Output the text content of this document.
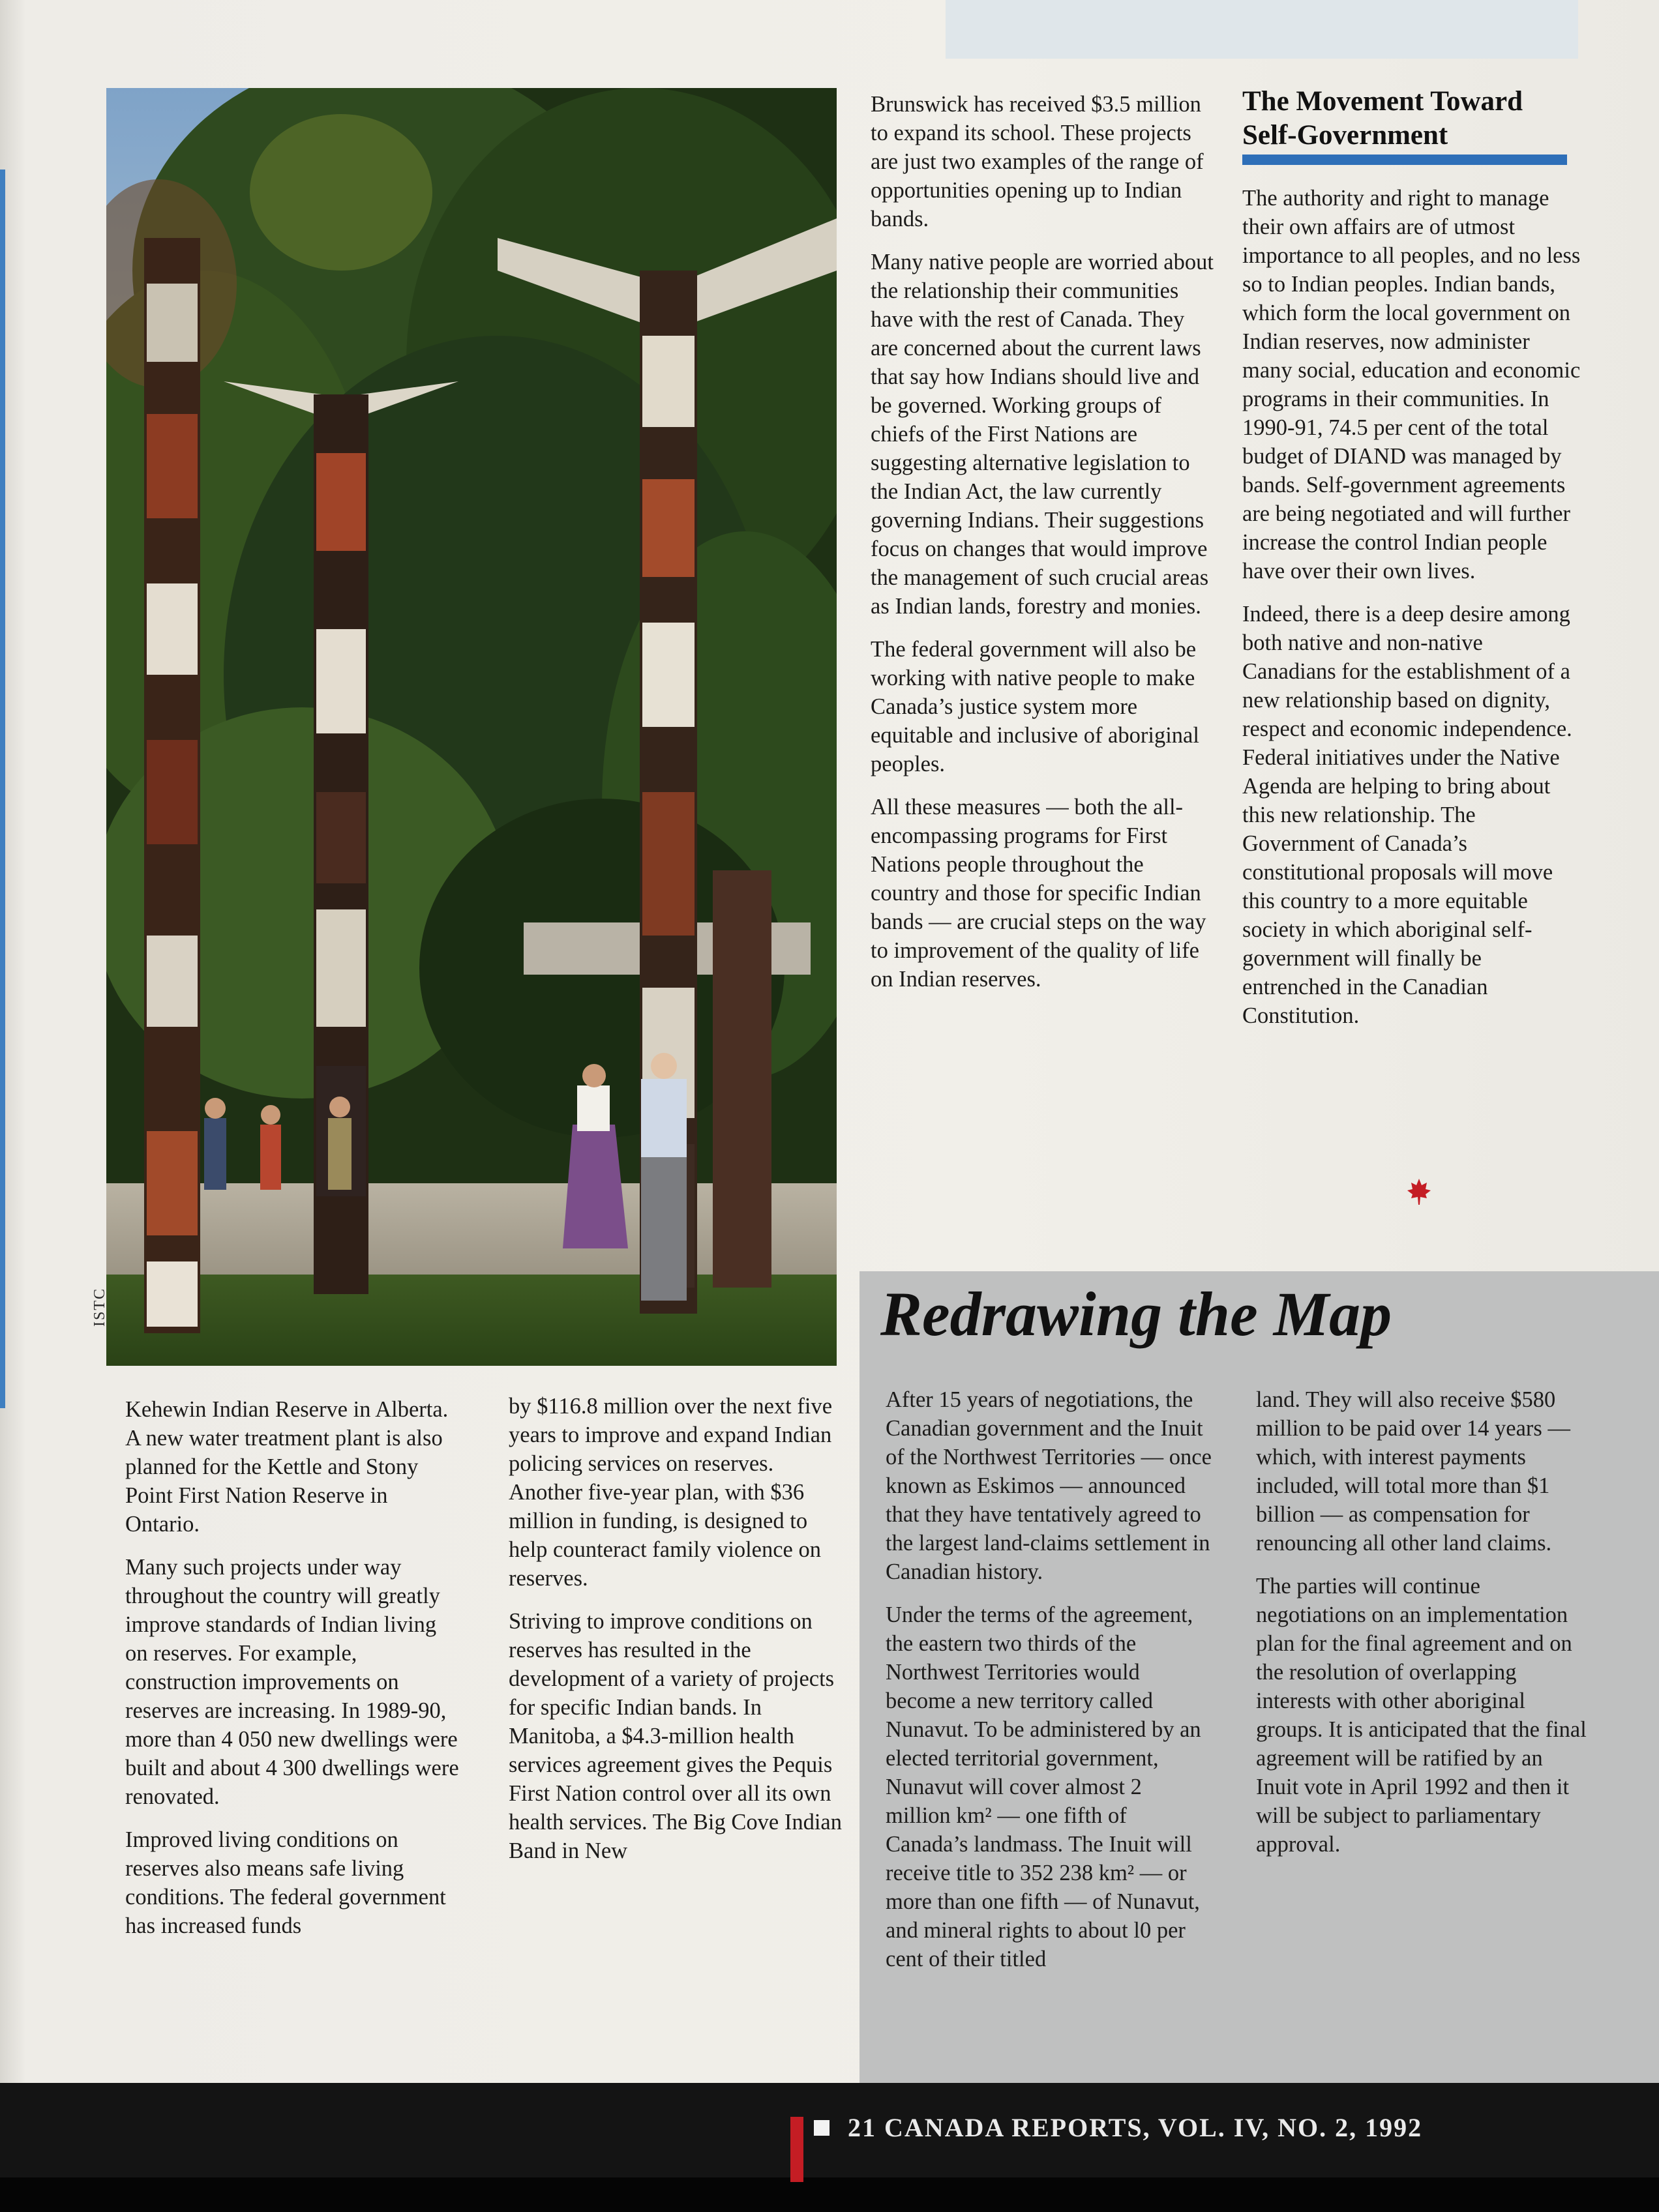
ISTC

Brunswick has received $3.5 million to expand its school. These projects are just two examples of the range of opportunities opening up to Indian bands.

Many native people are worried about the relationship their communities have with the rest of Canada. They are concerned about the current laws that say how Indians should live and be governed. Working groups of chiefs of the First Nations are suggesting alternative legislation to the Indian Act, the law currently governing Indians. Their suggestions focus on changes that would improve the management of such crucial areas as Indian lands, forestry and monies.

The federal government will also be working with native people to make Canada’s justice system more equitable and inclusive of aboriginal peoples.

All these measures — both the all-encompassing programs for First Nations people throughout the country and those for specific Indian bands — are crucial steps on the way to improvement of the quality of life on Indian reserves.

The Movement Toward
Self-Government

The authority and right to manage their own affairs are of utmost importance to all peoples, and no less so to Indian peoples. Indian bands, which form the local government on Indian reserves, now administer many social, education and economic programs in their communities. In 1990-91, 74.5 per cent of the total budget of DIAND was managed by bands. Self-government agreements are being negotiated and will further increase the control Indian people have over their own lives.

Indeed, there is a deep desire among both native and non-native Canadians for the establishment of a new relationship based on dignity, respect and economic independence. Federal initiatives under the Native Agenda are helping to bring about this new relationship. The Government of Canada’s constitutional proposals will move this country to a more equitable society in which aboriginal self-government will finally be entrenched in the Canadian Constitution.

Kehewin Indian Reserve in Alberta. A new water treatment plant is also planned for the Kettle and Stony Point First Nation Reserve in Ontario.

Many such projects under way throughout the country will greatly improve standards of Indian living on reserves. For example, construction improvements on reserves are increasing. In 1989-90, more than 4 050 new dwellings were built and about 4 300 dwellings were renovated.

Improved living conditions on reserves also means safe living conditions. The federal government has increased funds

by $116.8 million over the next five years to improve and expand Indian policing services on reserves. Another five-year plan, with $36 million in funding, is designed to help counteract family violence on reserves.

Striving to improve conditions on reserves has resulted in the development of a variety of projects for specific Indian bands. In Manitoba, a $4.3-million health services agreement gives the Pequis First Nation control over all its own health services. The Big Cove Indian Band in New

Redrawing the Map

After 15 years of negotiations, the Canadian government and the Inuit of the Northwest Territories — once known as Eskimos — announced that they have tentatively agreed to the largest land-claims settlement in Canadian history.

Under the terms of the agreement, the eastern two thirds of the Northwest Territories would become a new territory called Nunavut. To be administered by an elected territorial government, Nunavut will cover almost 2 million km² — one fifth of Canada’s landmass. The Inuit will receive title to 352 238 km² — or more than one fifth — of Nunavut, and mineral rights to about l0 per cent of their titled

land. They will also receive $580 million to be paid over 14 years — which, with interest payments included, will total more than $1 billion — as compensation for renouncing all other land claims.

The parties will continue negotiations on an implementation plan for the final agreement and on the resolution of overlapping interests with other aboriginal groups. It is anticipated that the final agreement will be ratified by an Inuit vote in April 1992 and then it will be subject to parliamentary approval.

21 CANADA REPORTS, VOL. IV, NO. 2, 1992
